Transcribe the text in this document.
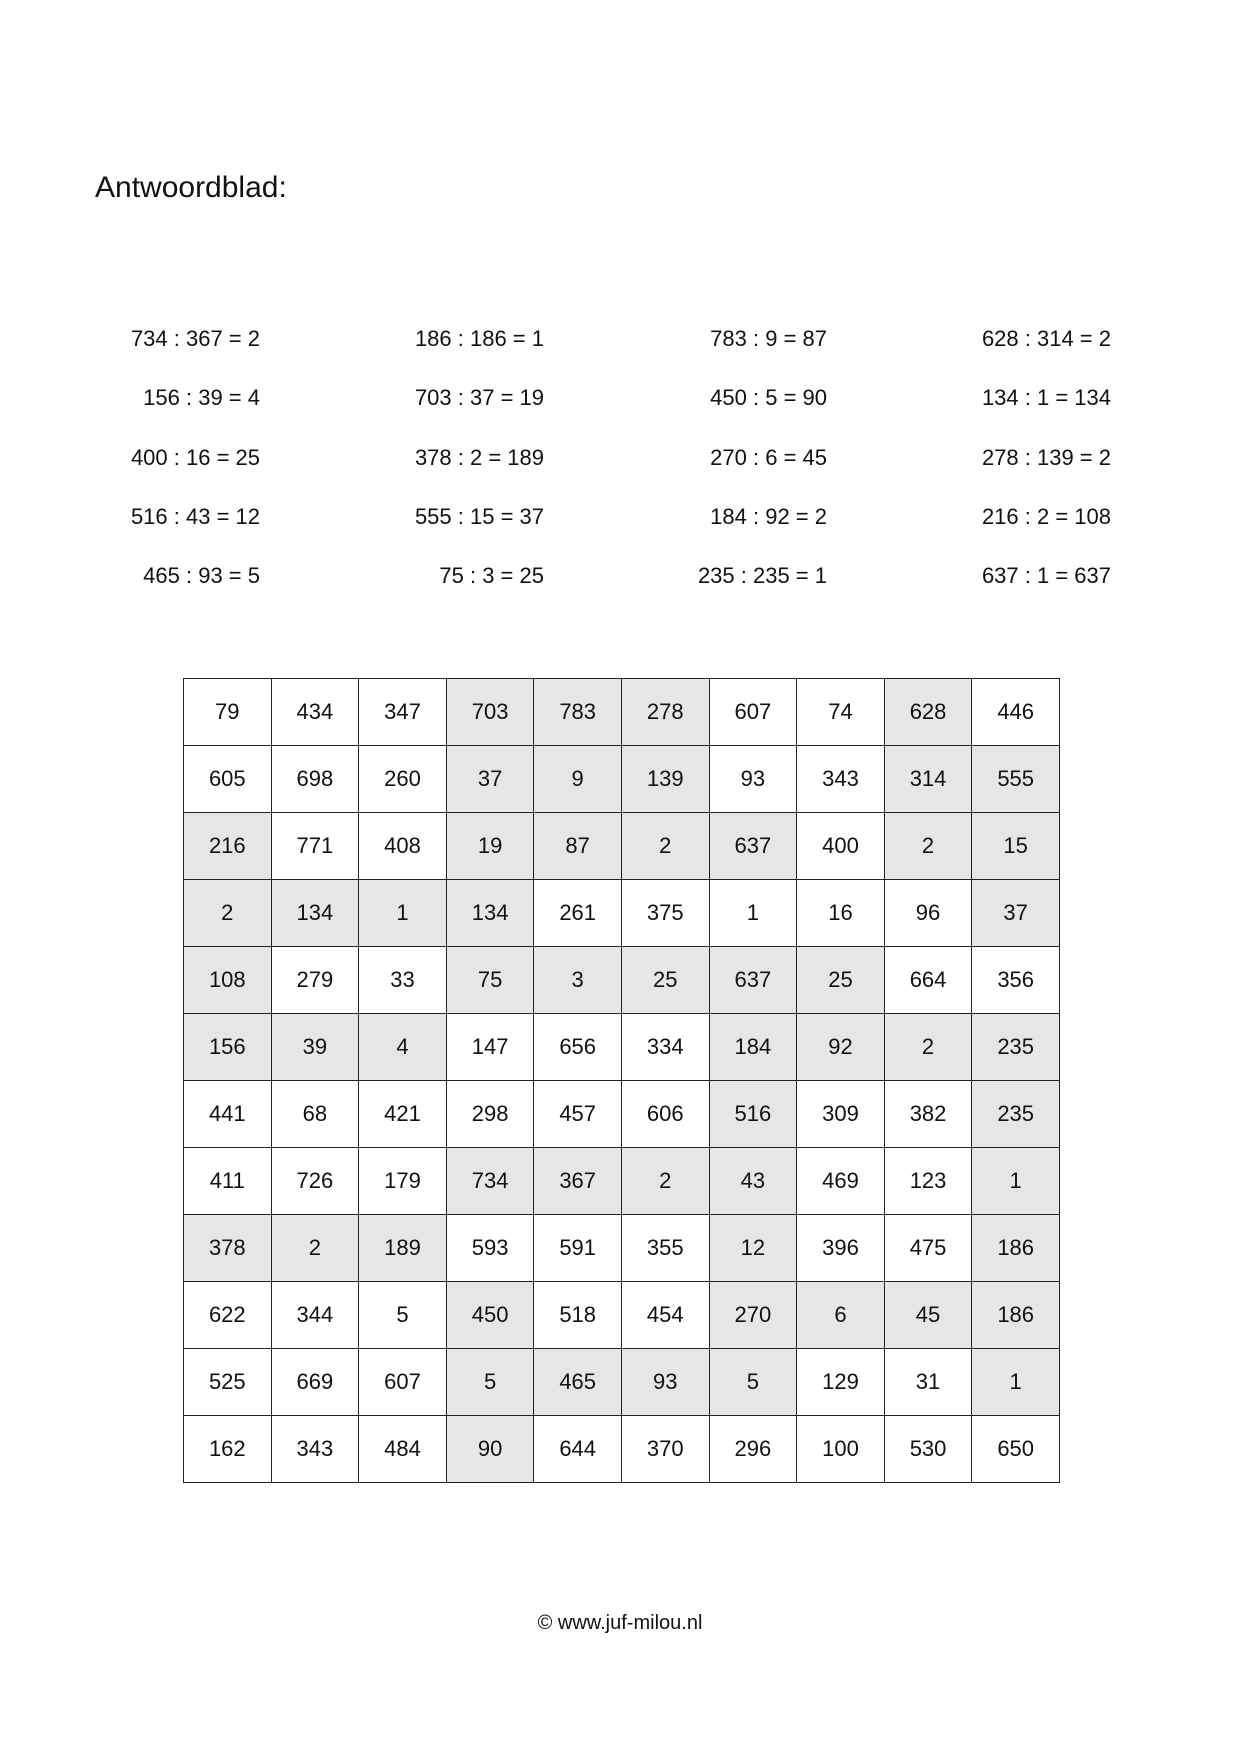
Antwoordblad:
734 : 367 = 2
156 : 39 = 4
400 : 16 = 25
516 : 43 = 12
465 : 93 = 5
186 : 186 = 1
703 : 37 = 19
378 : 2 = 189
555 : 15 = 37
75 : 3 = 25
783 : 9 = 87
450 : 5 = 90
270 : 6 = 45
184 : 92 = 2
235 : 235 = 1
628 : 314 = 2
134 : 1 = 134
278 : 139 = 2
216 : 2 = 108
637 : 1 = 637
79	434	347	703	783	278	607	74	628	446
605	698	260	37	9	139	93	343	314	555
216	771	408	19	87	2	637	400	2	15
2	134	1	134	261	375	1	16	96	37
108	279	33	75	3	25	637	25	664	356
156	39	4	147	656	334	184	92	2	235
441	68	421	298	457	606	516	309	382	235
411	726	179	734	367	2	43	469	123	1
378	2	189	593	591	355	12	396	475	186
622	344	5	450	518	454	270	6	45	186
525	669	607	5	465	93	5	129	31	1
162	343	484	90	644	370	296	100	530	650
© www.juf-milou.nl
